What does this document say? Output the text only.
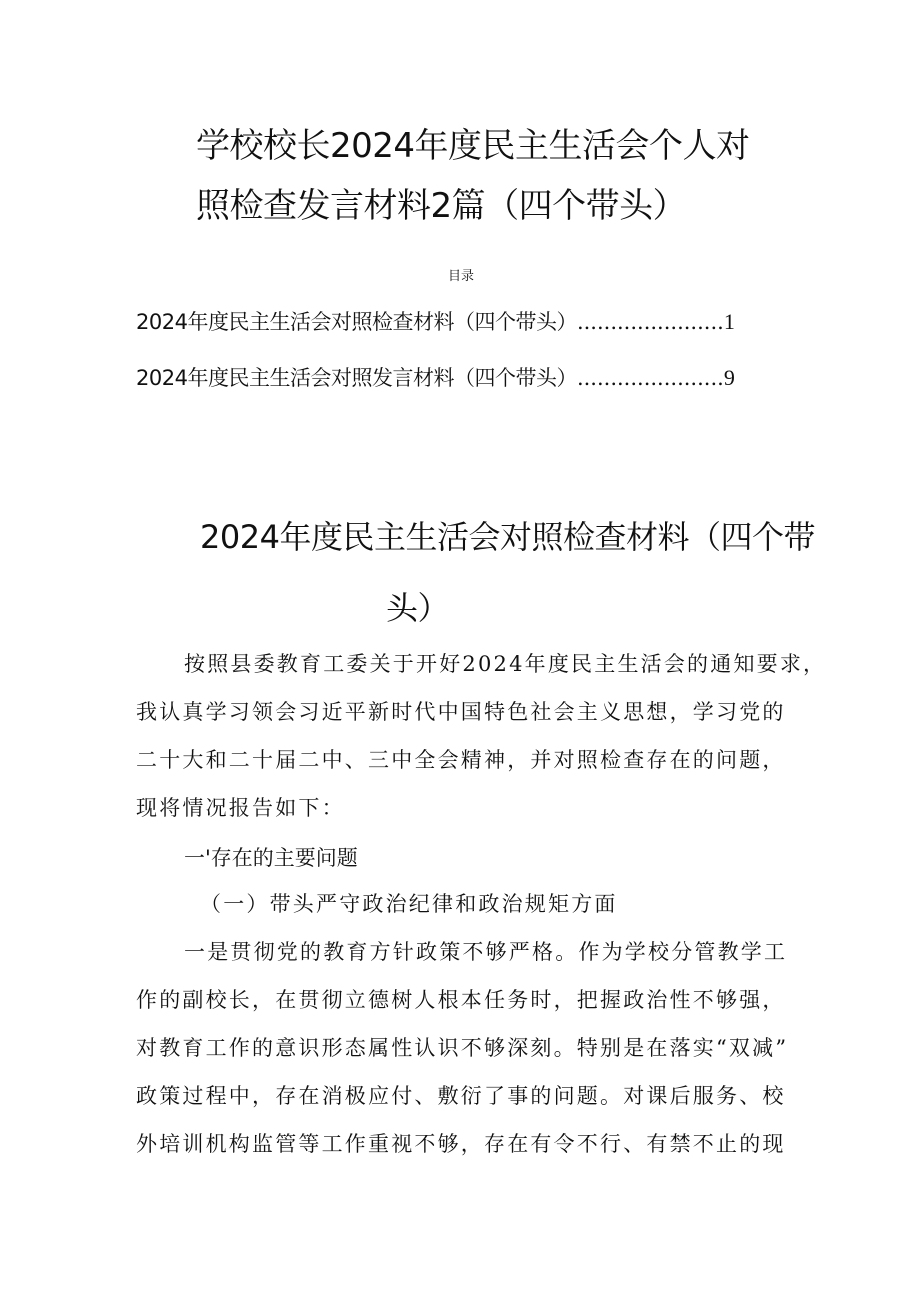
学校校长2024年度民主生活会个人对
照检查发言材料2篇（四个带头）
目录
2024年度民主生活会对照检查材料（四个带头） ...................... 1
2024年度民主生活会对照发言材料（四个带头） ...................... 9
2024年度民主生活会对照检查材料（四个带
头）
按照县委教育工委关于开好2024年度民主生活会的通知要求，
我认真学习领会习近平新时代中国特色社会主义思想，学习党的
二十大和二十届二中、三中全会精神，并对照检查存在的问题，
现将情况报告如下：
一'存在的主要问题
（一）带头严守政治纪律和政治规矩方面
一是贯彻党的教育方针政策不够严格。作为学校分管教学工
作的副校长，在贯彻立德树人根本任务时，把握政治性不够强，
对教育工作的意识形态属性认识不够深刻。特别是在落实“双减”
政策过程中，存在消极应付、敷衍了事的问题。对课后服务、校
外培训机构监管等工作重视不够，存在有令不行、有禁不止的现
